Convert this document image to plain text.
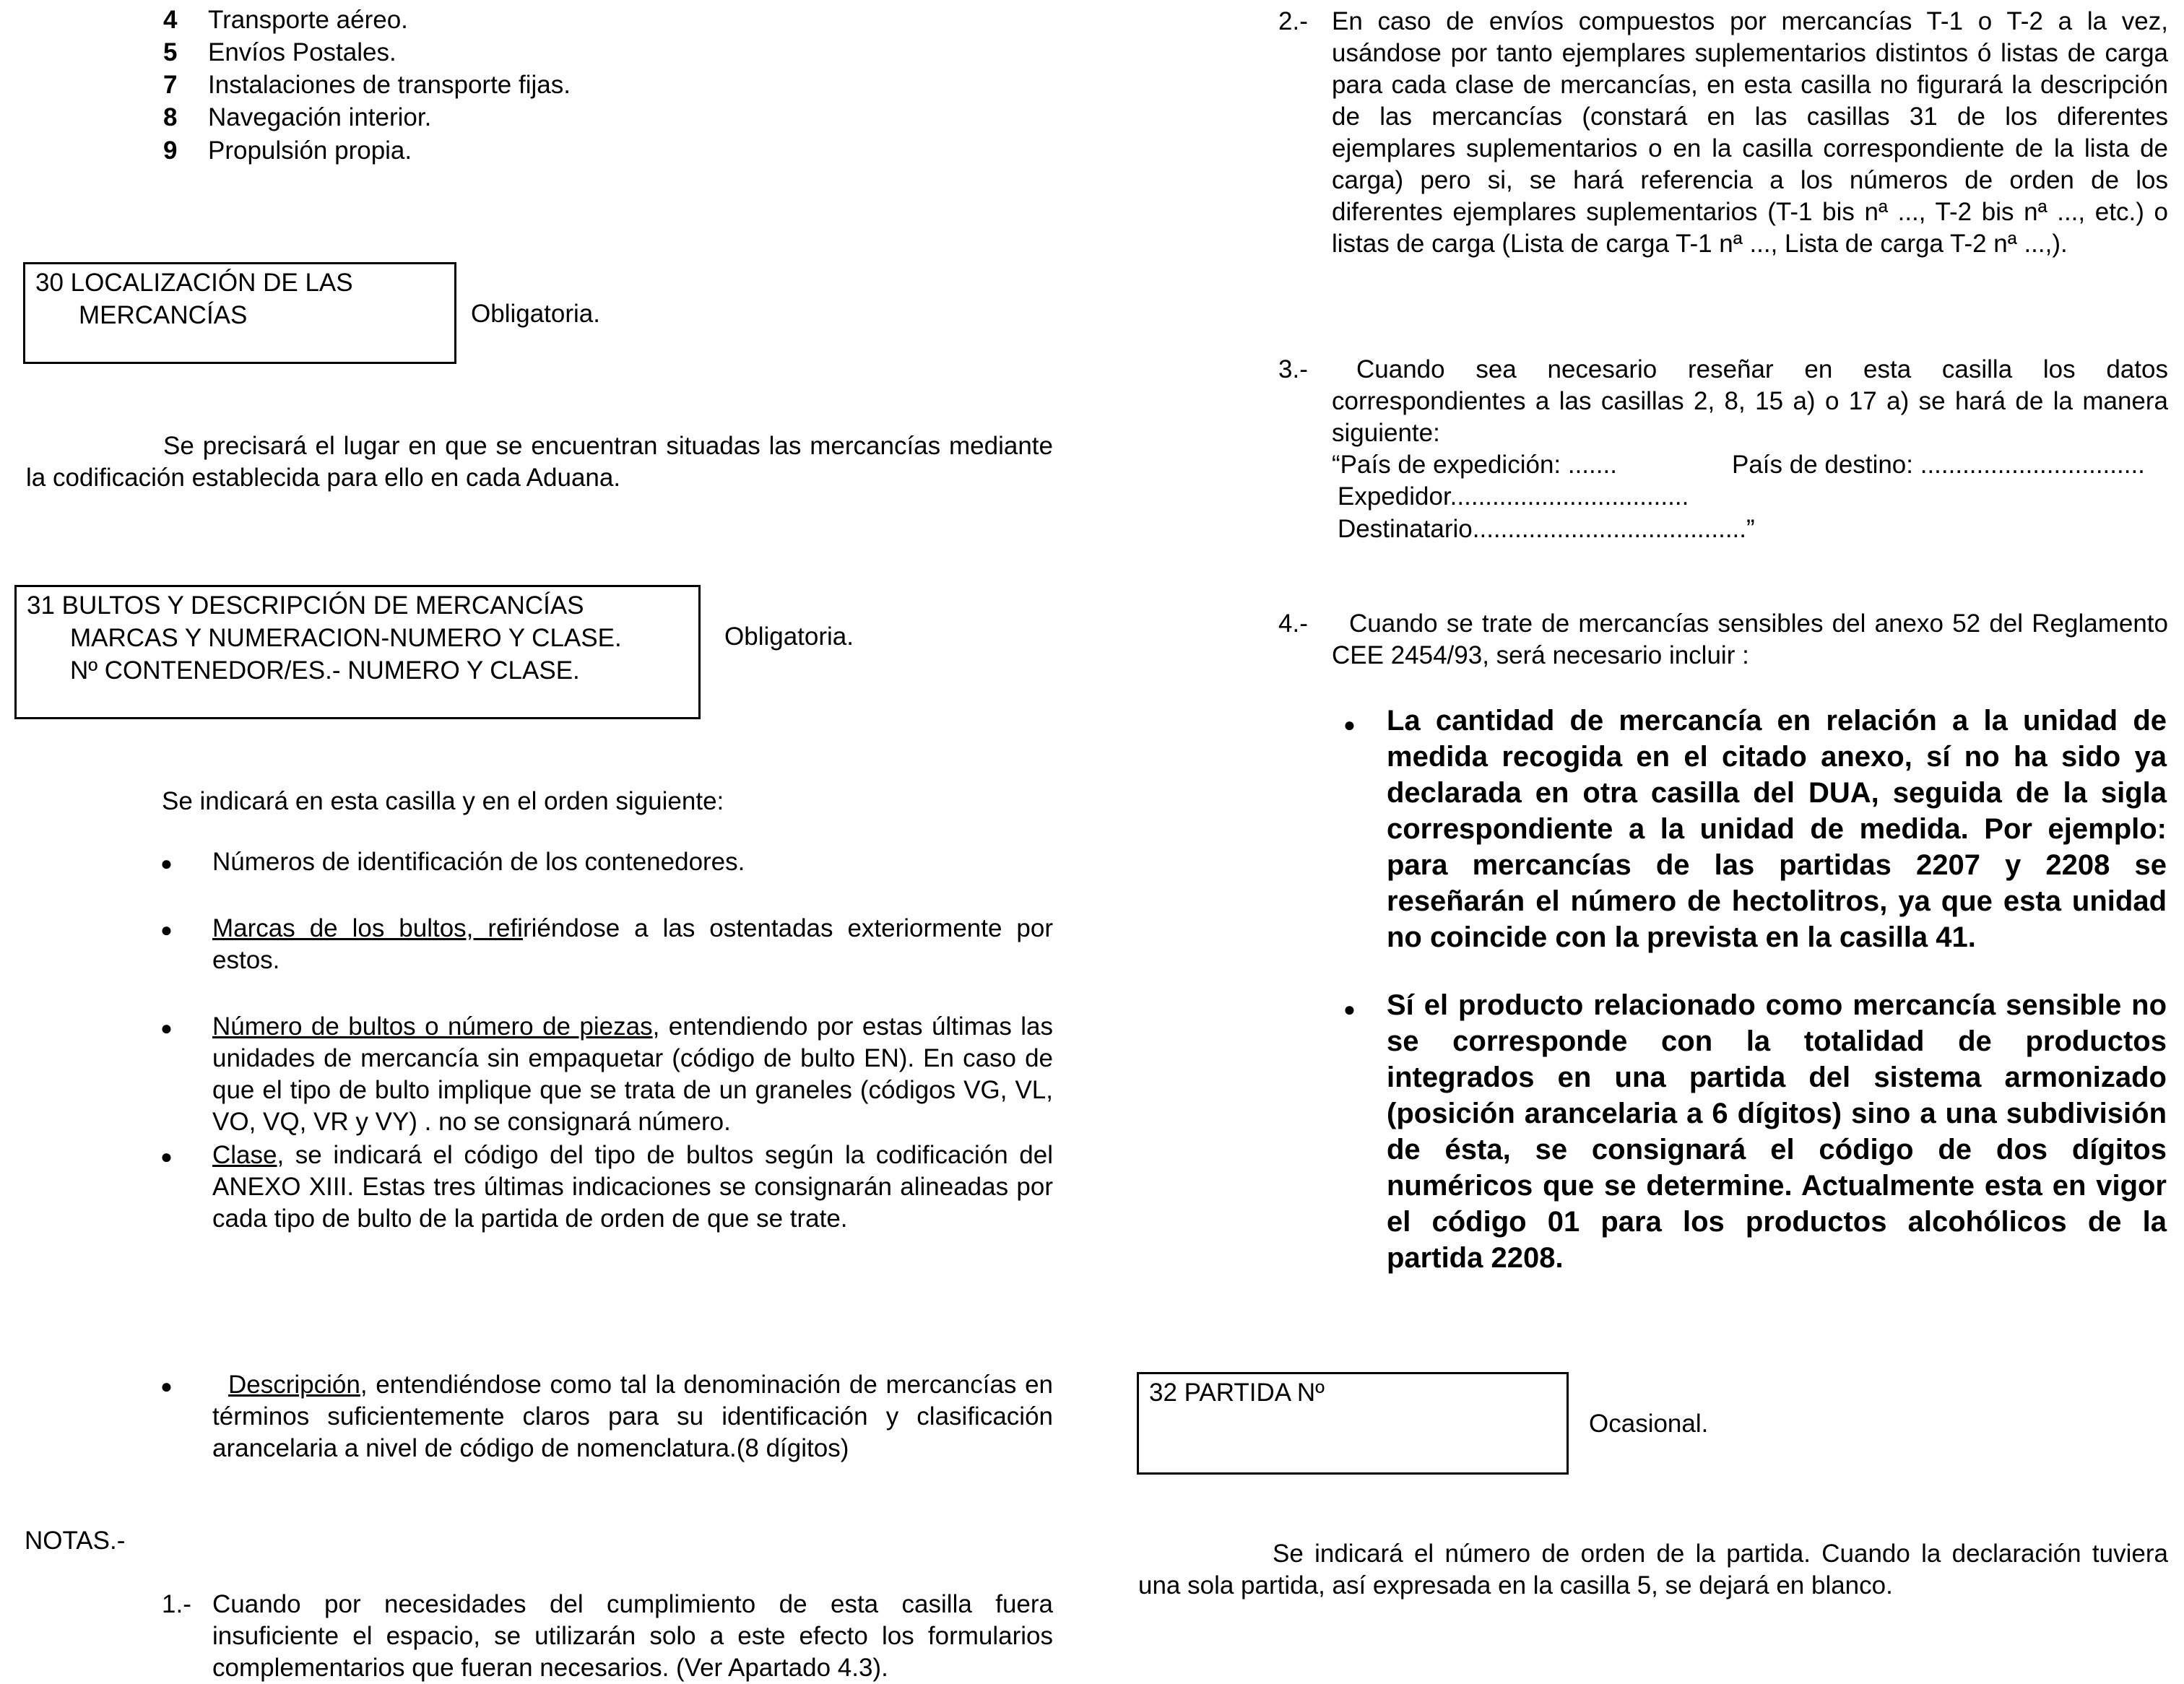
4 Transporte aéreo.
5 Envíos Postales.
7 Instalaciones de transporte fijas.
8 Navegación interior.
9 Propulsión propia.
30 LOCALIZACIÓN DE LAS
MERCANCÍAS	Obligatoria.
Se precisará el lugar en que se encuentran situadas las mercancías mediante la codificación establecida para ello en cada Aduana.
31 BULTOS Y DESCRIPCIÓN DE MERCANCÍAS
MARCAS Y NUMERACION-NUMERO Y CLASE.
Nº CONTENEDOR/ES.- NUMERO Y CLASE.
Obligatoria.
Se indicará en esta casilla y en el orden siguiente:
● Números de identificación de los contenedores.
● Marcas de los bultos, refiriéndose a las ostentadas exteriormente por estos.
● Número de bultos o número de piezas, entendiendo por estas últimas las unidades de mercancía sin empaquetar (código de bulto EN). En caso de que el tipo de bulto implique que se trata de un graneles (códigos VG, VL, VO, VQ, VR y VY) . no se consignará número.
● Clase, se indicará el código del tipo de bultos según la codificación del ANEXO XIII. Estas tres últimas indicaciones se consignarán alineadas por cada tipo de bulto de la partida de orden de que se trate.
●	Descripción, entendiéndose como tal la denominación de mercancías en términos suficientemente claros para su identificación y clasificación arancelaria a nivel de código de nomenclatura.(8 dígitos)
NOTAS.-
1.- Cuando por necesidades del cumplimiento de esta casilla fuera insuficiente el espacio, se utilizarán solo a este efecto los formularios complementarios que fueran necesarios. (Ver Apartado 4.3).
2.- En caso de envíos compuestos por mercancías T-1 o T-2 a la vez, usándose por tanto ejemplares suplementarios distintos ó listas de carga para cada clase de mercancías, en esta casilla no figurará la descripción de las mercancías (constará en las casillas 31 de los diferentes ejemplares suplementarios o en la casilla correspondiente de la lista de carga) pero si, se hará referencia a los números de orden de los diferentes ejemplares suplementarios (T-1 bis nª ..., T-2 bis nª ..., etc.) o listas de carga (Lista de carga T-1 nª ..., Lista de carga T-2 nª ...,).
3.-	Cuando sea necesario reseñar en esta casilla los datos correspondientes a las casillas 2, 8, 15 a) o 17 a) se hará de la manera siguiente:
“País de expedición: .......	País de destino: ................................
Expedidor..................................
Destinatario.......................................”
4.-	Cuando se trate de mercancías sensibles del anexo 52 del Reglamento CEE 2454/93, será necesario incluir :
● La cantidad de mercancía en relación a la unidad de medida recogida en el citado anexo, sí no ha sido ya declarada en otra casilla del DUA, seguida de la sigla correspondiente a la unidad de medida. Por ejemplo: para mercancías de las partidas 2207 y 2208 se reseñarán el número de hectolitros, ya que esta unidad no coincide con la prevista en la casilla 41.
● Sí el producto relacionado como mercancía sensible no se corresponde con la totalidad de productos integrados en una partida del sistema armonizado (posición arancelaria a 6 dígitos) sino a una subdivisión de ésta, se consignará el código de dos dígitos numéricos que se determine. Actualmente esta en vigor el código 01 para los productos alcohólicos de la partida 2208.
32 PARTIDA Nº
Ocasional.
Se indicará el número de orden de la partida. Cuando la declaración tuviera una sola partida, así expresada en la casilla 5, se dejará en blanco.
